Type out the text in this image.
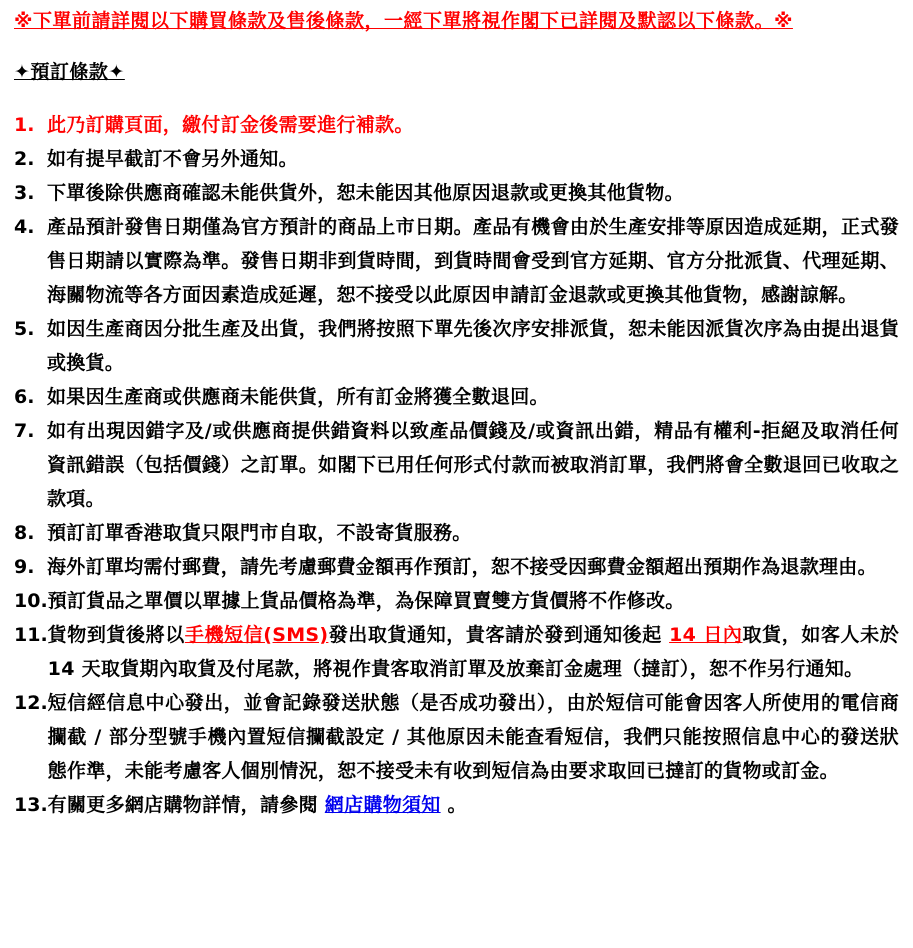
※下單前請詳閱以下購買條款及售後條款，一經下單將視作閣下已詳閱及默認以下條款。※
✦預訂條款✦
1. 此乃訂購頁面，繳付訂金後需要進行補款。
2. 如有提早截訂不會另外通知。
3. 下單後除供應商確認未能供貨外，恕未能因其他原因退款或更換其他貨物。
4. 產品預計發售日期僅為官方預計的商品上市日期。產品有機會由於生產安排等原因造成延期，正式發售日期請以實際為準。發售日期非到貨時間，到貨時間會受到官方延期、官方分批派貨、代理延期、海關物流等各方面因素造成延遲，恕不接受以此原因申請訂金退款或更換其他貨物，感謝諒解。
5. 如因生產商因分批生產及出貨，我們將按照下單先後次序安排派貨，恕未能因派貨次序為由提出退貨或換貨。
6. 如果因生產商或供應商未能供貨，所有訂金將獲全數退回。
7. 如有出現因錯字及/或供應商提供錯資料以致產品價錢及/或資訊出錯，精品有權利-拒絕及取消任何資訊錯誤（包括價錢）之訂單。如閣下已用任何形式付款而被取消訂單，我們將會全數退回已收取之款項。
8. 預訂訂單香港取貨只限門市自取，不設寄貨服務。
9. 海外訂單均需付郵費，請先考慮郵費金額再作預訂，恕不接受因郵費金額超出預期作為退款理由。
10. 預訂貨品之單價以單據上貨品價格為準，為保障買賣雙方貨價將不作修改。
11. 貨物到貨後將以手機短信(SMS)發出取貨通知，貴客請於發到通知後起 14 日內取貨，如客人未於 14 天取貨期內取貨及付尾款，將視作貴客取消訂單及放棄訂金處理（撻訂），恕不作另行通知。
12. 短信經信息中心發出，並會記錄發送狀態（是否成功發出），由於短信可能會因客人所使用的電信商攔截 / 部分型號手機內置短信攔截設定 / 其他原因未能查看短信，我們只能按照信息中心的發送狀態作準，未能考慮客人個別情況，恕不接受未有收到短信為由要求取回已撻訂的貨物或訂金。
13. 有關更多網店購物詳情，請參閱 網店購物須知 。
